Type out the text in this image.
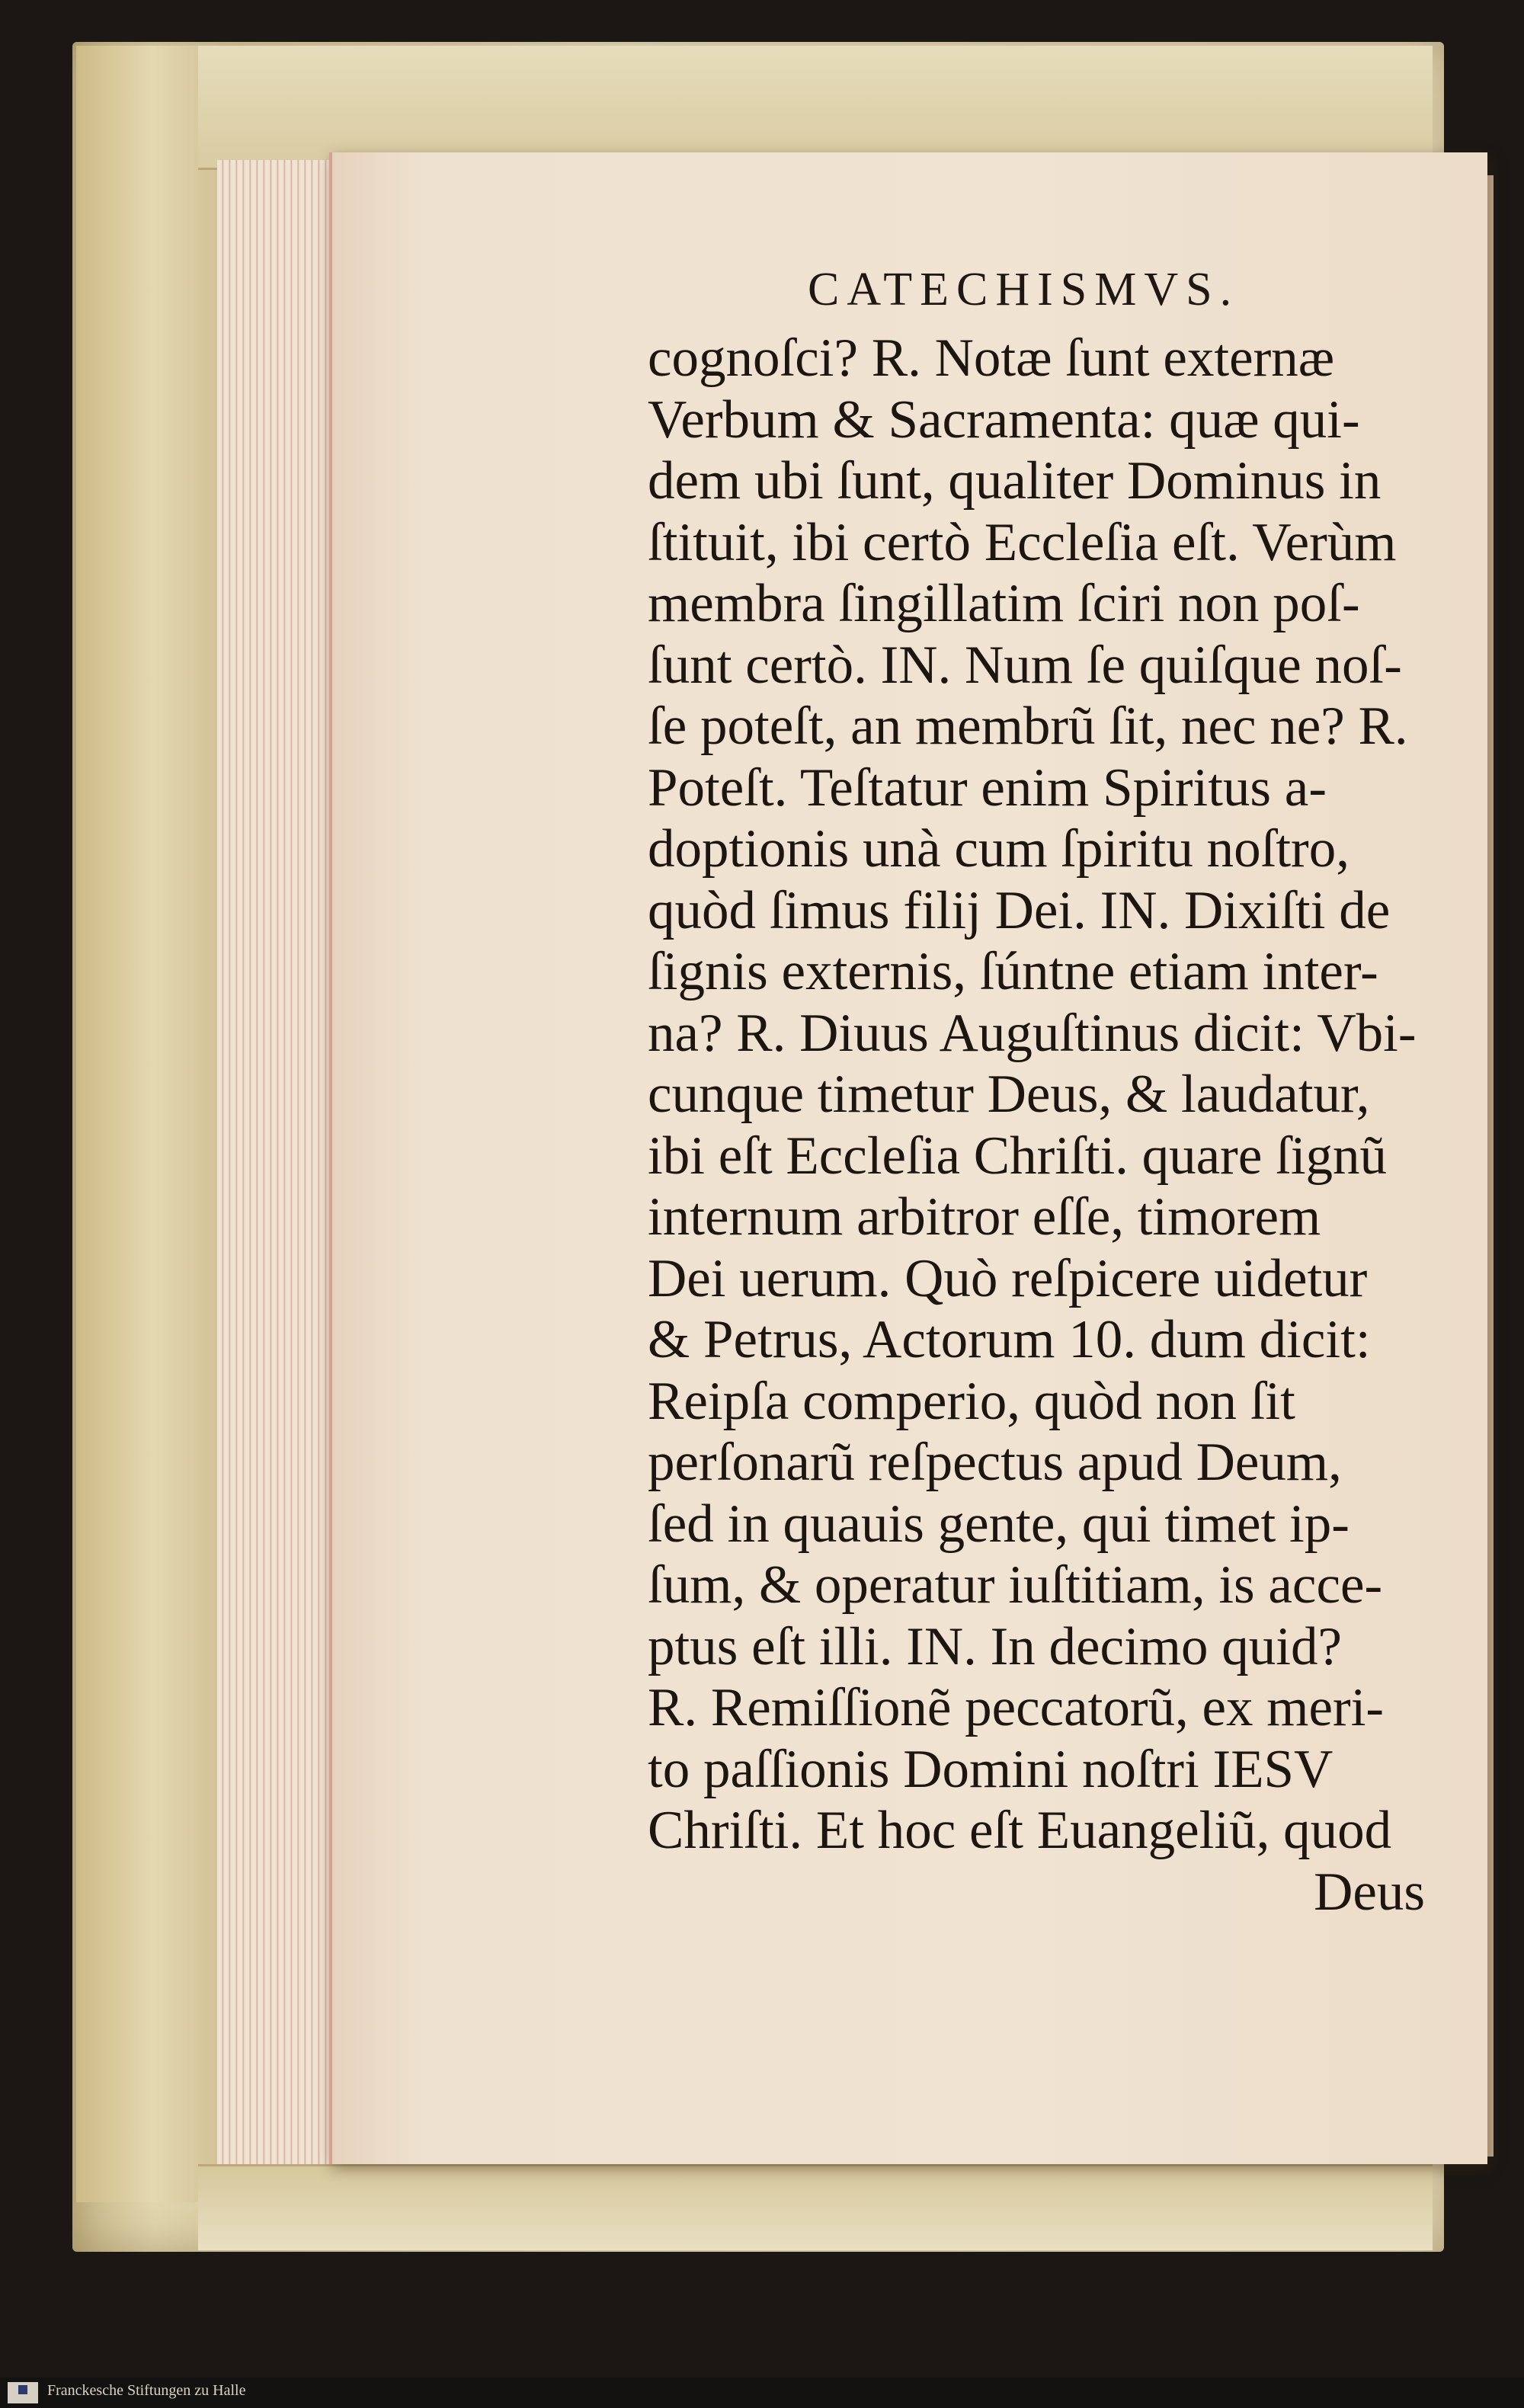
CATECHISMVS.
cognoſci? R. Notæ ſunt externæ
Verbum & Sacramenta: quæ qui-
dem ubi ſunt, qualiter Dominus in
ſtituit, ibi certò Eccleſia eſt. Verùm
membra ſingillatim ſciri non poſ-
ſunt certò. IN. Num ſe quiſque noſ-
ſe poteſt, an membrũ ſit, nec ne? R.
Poteſt. Teſtatur enim Spiritus a-
doptionis unà cum ſpiritu noſtro,
quòd ſimus filij Dei. IN. Dixiſti de
ſignis externis, ſúntne etiam inter-
na? R. Diuus Auguſtinus dicit: Vbi-
cunque timetur Deus, & laudatur,
ibi eſt Eccleſia Chriſti. quare ſignũ
internum arbitror eſſe, timorem
Dei uerum. Quò reſpicere uidetur
& Petrus, Actorum 10. dum dicit:
Reipſa comperio, quòd non ſit
perſonarũ reſpectus apud Deum,
ſed in quauis gente, qui timet ip-
ſum, & operatur iuſtitiam, is acce-
ptus eſt illi. IN. In decimo quid?
R. Remiſſionẽ peccatorũ, ex meri-
to paſſionis Domini noſtri IESV
Chriſti. Et hoc eſt Euangeliũ, quod
Deus
Franckesche Stiftungen zu Halle
